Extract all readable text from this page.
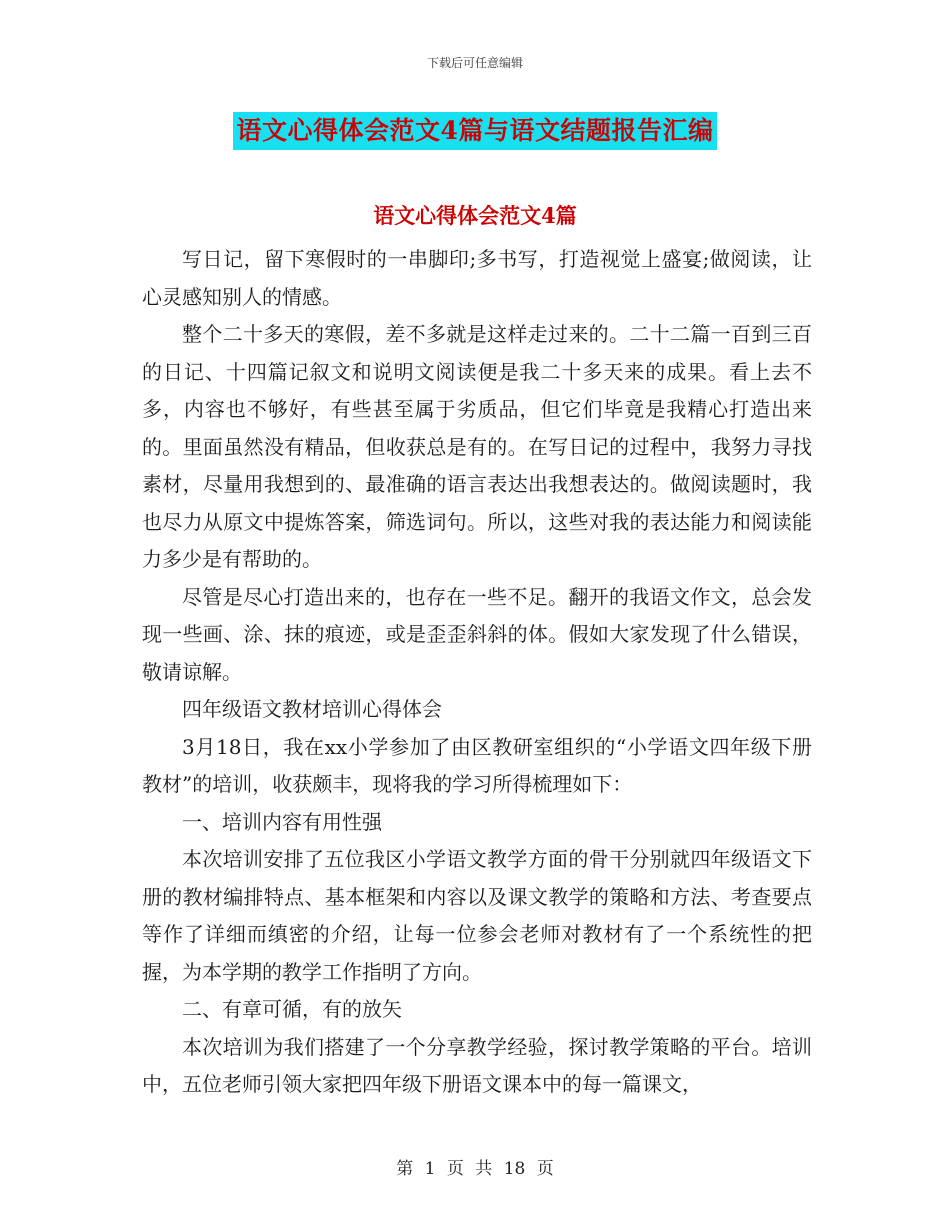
下载后可任意编辑
语文心得体会范文4篇与语文结题报告汇编
语文心得体会范文4篇

写日记，留下寒假时的一串脚印;多书写，打造视觉上盛宴;做阅读，让心灵感知别人的情感。

整个二十多天的寒假，差不多就是这样走过来的。二十二篇一百到三百的日记、十四篇记叙文和说明文阅读便是我二十多天来的成果。看上去不多，内容也不够好，有些甚至属于劣质品，但它们毕竟是我精心打造出来的。里面虽然没有精品，但收获总是有的。在写日记的过程中，我努力寻找素材，尽量用我想到的、最准确的语言表达出我想表达的。做阅读题时，我也尽力从原文中提炼答案，筛选词句。所以，这些对我的表达能力和阅读能力多少是有帮助的。

尽管是尽心打造出来的，也存在一些不足。翻开的我语文作文，总会发现一些画、涂、抹的痕迹，或是歪歪斜斜的体。假如大家发现了什么错误，敬请谅解。

四年级语文教材培训心得体会

3月18日，我在xx小学参加了由区教研室组织的“小学语文四年级下册教材”的培训，收获颇丰，现将我的学习所得梳理如下：

一、培训内容有用性强

本次培训安排了五位我区小学语文教学方面的骨干分别就四年级语文下册的教材编排特点、基本框架和内容以及课文教学的策略和方法、考查要点等作了详细而缜密的介绍，让每一位参会老师对教材有了一个系统性的把握，为本学期的教学工作指明了方向。

二、有章可循，有的放矢

本次培训为我们搭建了一个分享教学经验，探讨教学策略的平台。培训中，五位老师引领大家把四年级下册语文课本中的每一篇课文，

第 1 页 共 18 页
